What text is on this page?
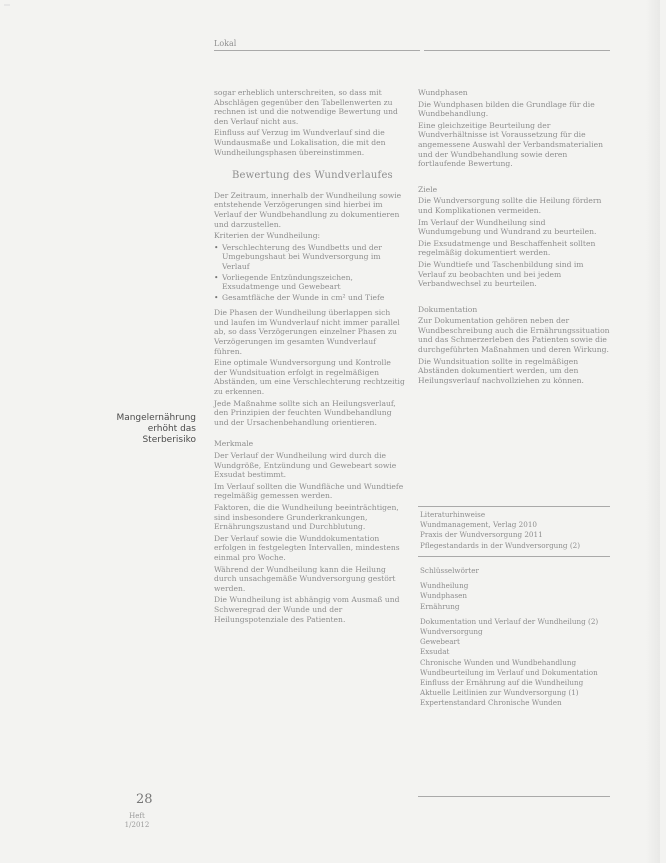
Lokal

sogar erheblich unterschreiten, so dass mit Abschlägen gegenüber den Tabellenwerten zu rechnen ist und die notwendige Bewertung und den Verlauf nicht aus.

Einfluss auf Verzug im Wundverlauf sind die Wundausmaße und Lokalisation, die mit den Wundheilungsphasen übereinstimmen.

Bewertung des Wundverlaufes

Der Zeitraum, innerhalb der Wundheilung sowie entstehende Verzögerungen sind hierbei im Verlauf der Wundbehandlung zu dokumentieren und darzustellen.

Kriterien der Wundheilung:

• Verschlechterung des Wundbetts und der Umgebungshaut bei Wundversorgung im Verlauf
• Vorliegende Entzündungszeichen, Exsudatmenge und Gewebeart
• Gesamtfläche der Wunde in cm² und Tiefe

Die Phasen der Wundheilung überlappen sich und laufen im Wundverlauf nicht immer parallel ab, so dass Verzögerungen einzelner Phasen zu Verzögerungen im gesamten Wundverlauf führen.

Eine optimale Wundversorgung und Kontrolle der Wundsituation erfolgt in regelmäßigen Abständen, um eine Verschlechterung rechtzeitig zu erkennen.

Jede Maßnahme sollte sich an Heilungsverlauf, den Prinzipien der feuchten Wundbehandlung und der Ursachenbehandlung orientieren.

Merkmale

Der Verlauf der Wundheilung wird durch die Wundgröße, Entzündung und Gewebeart sowie Exsudat bestimmt.

Im Verlauf sollten die Wundfläche und Wundtiefe regelmäßig gemessen werden.

Faktoren, die die Wundheilung beeinträchtigen, sind insbesondere Grunderkrankungen, Ernährungszustand und Durchblutung.

Der Verlauf sowie die Wunddokumentation erfolgen in festgelegten Intervallen, mindestens einmal pro Woche.

Während der Wundheilung kann die Heilung durch unsachgemäße Wundversorgung gestört werden.

Die Wundheilung ist abhängig vom Ausmaß und Schweregrad der Wunde und der Heilungspotenziale des Patienten.

Mangelernährung erhöht das Sterberisiko
28
Heft
1/2012

Wundphasen

Die Wundphasen bilden die Grundlage für die Wundbehandlung.

Eine gleichzeitige Beurteilung der Wundverhältnisse ist Voraussetzung für die angemessene Auswahl der Verbandsmaterialien und der Wundbehandlung sowie deren fortlaufende Bewertung.

Ziele

Die Wundversorgung sollte die Heilung fördern und Komplikationen vermeiden.

Im Verlauf der Wundheilung sind Wundumgebung und Wundrand zu beurteilen.

Die Exsudatmenge und Beschaffenheit sollten regelmäßig dokumentiert werden.

Die Wundtiefe und Taschenbildung sind im Verlauf zu beobachten und bei jedem Verbandwechsel zu beurteilen.

Dokumentation

Zur Dokumentation gehören neben der Wundbeschreibung auch die Ernährungssituation und das Schmerzerleben des Patienten sowie die durchgeführten Maßnahmen und deren Wirkung.

Die Wundsituation sollte in regelmäßigen Abständen dokumentiert werden, um den Heilungsverlauf nachvollziehen zu können.

Literaturhinweise

Wundmanagement, Verlag 2010

Praxis der Wundversorgung 2011

Pflegestandards in der Wundversorgung (2)

Schlüsselwörter

Wundheilung

Wundphasen

Ernährung

Dokumentation und Verlauf der Wundheilung (2)

Wundversorgung

Gewebeart

Exsudat

Chronische Wunden und Wundbehandlung

Wundbeurteilung im Verlauf und Dokumentation

Einfluss der Ernährung auf die Wundheilung

Aktuelle Leitlinien zur Wundversorgung (1)

Expertenstandard Chronische Wunden
